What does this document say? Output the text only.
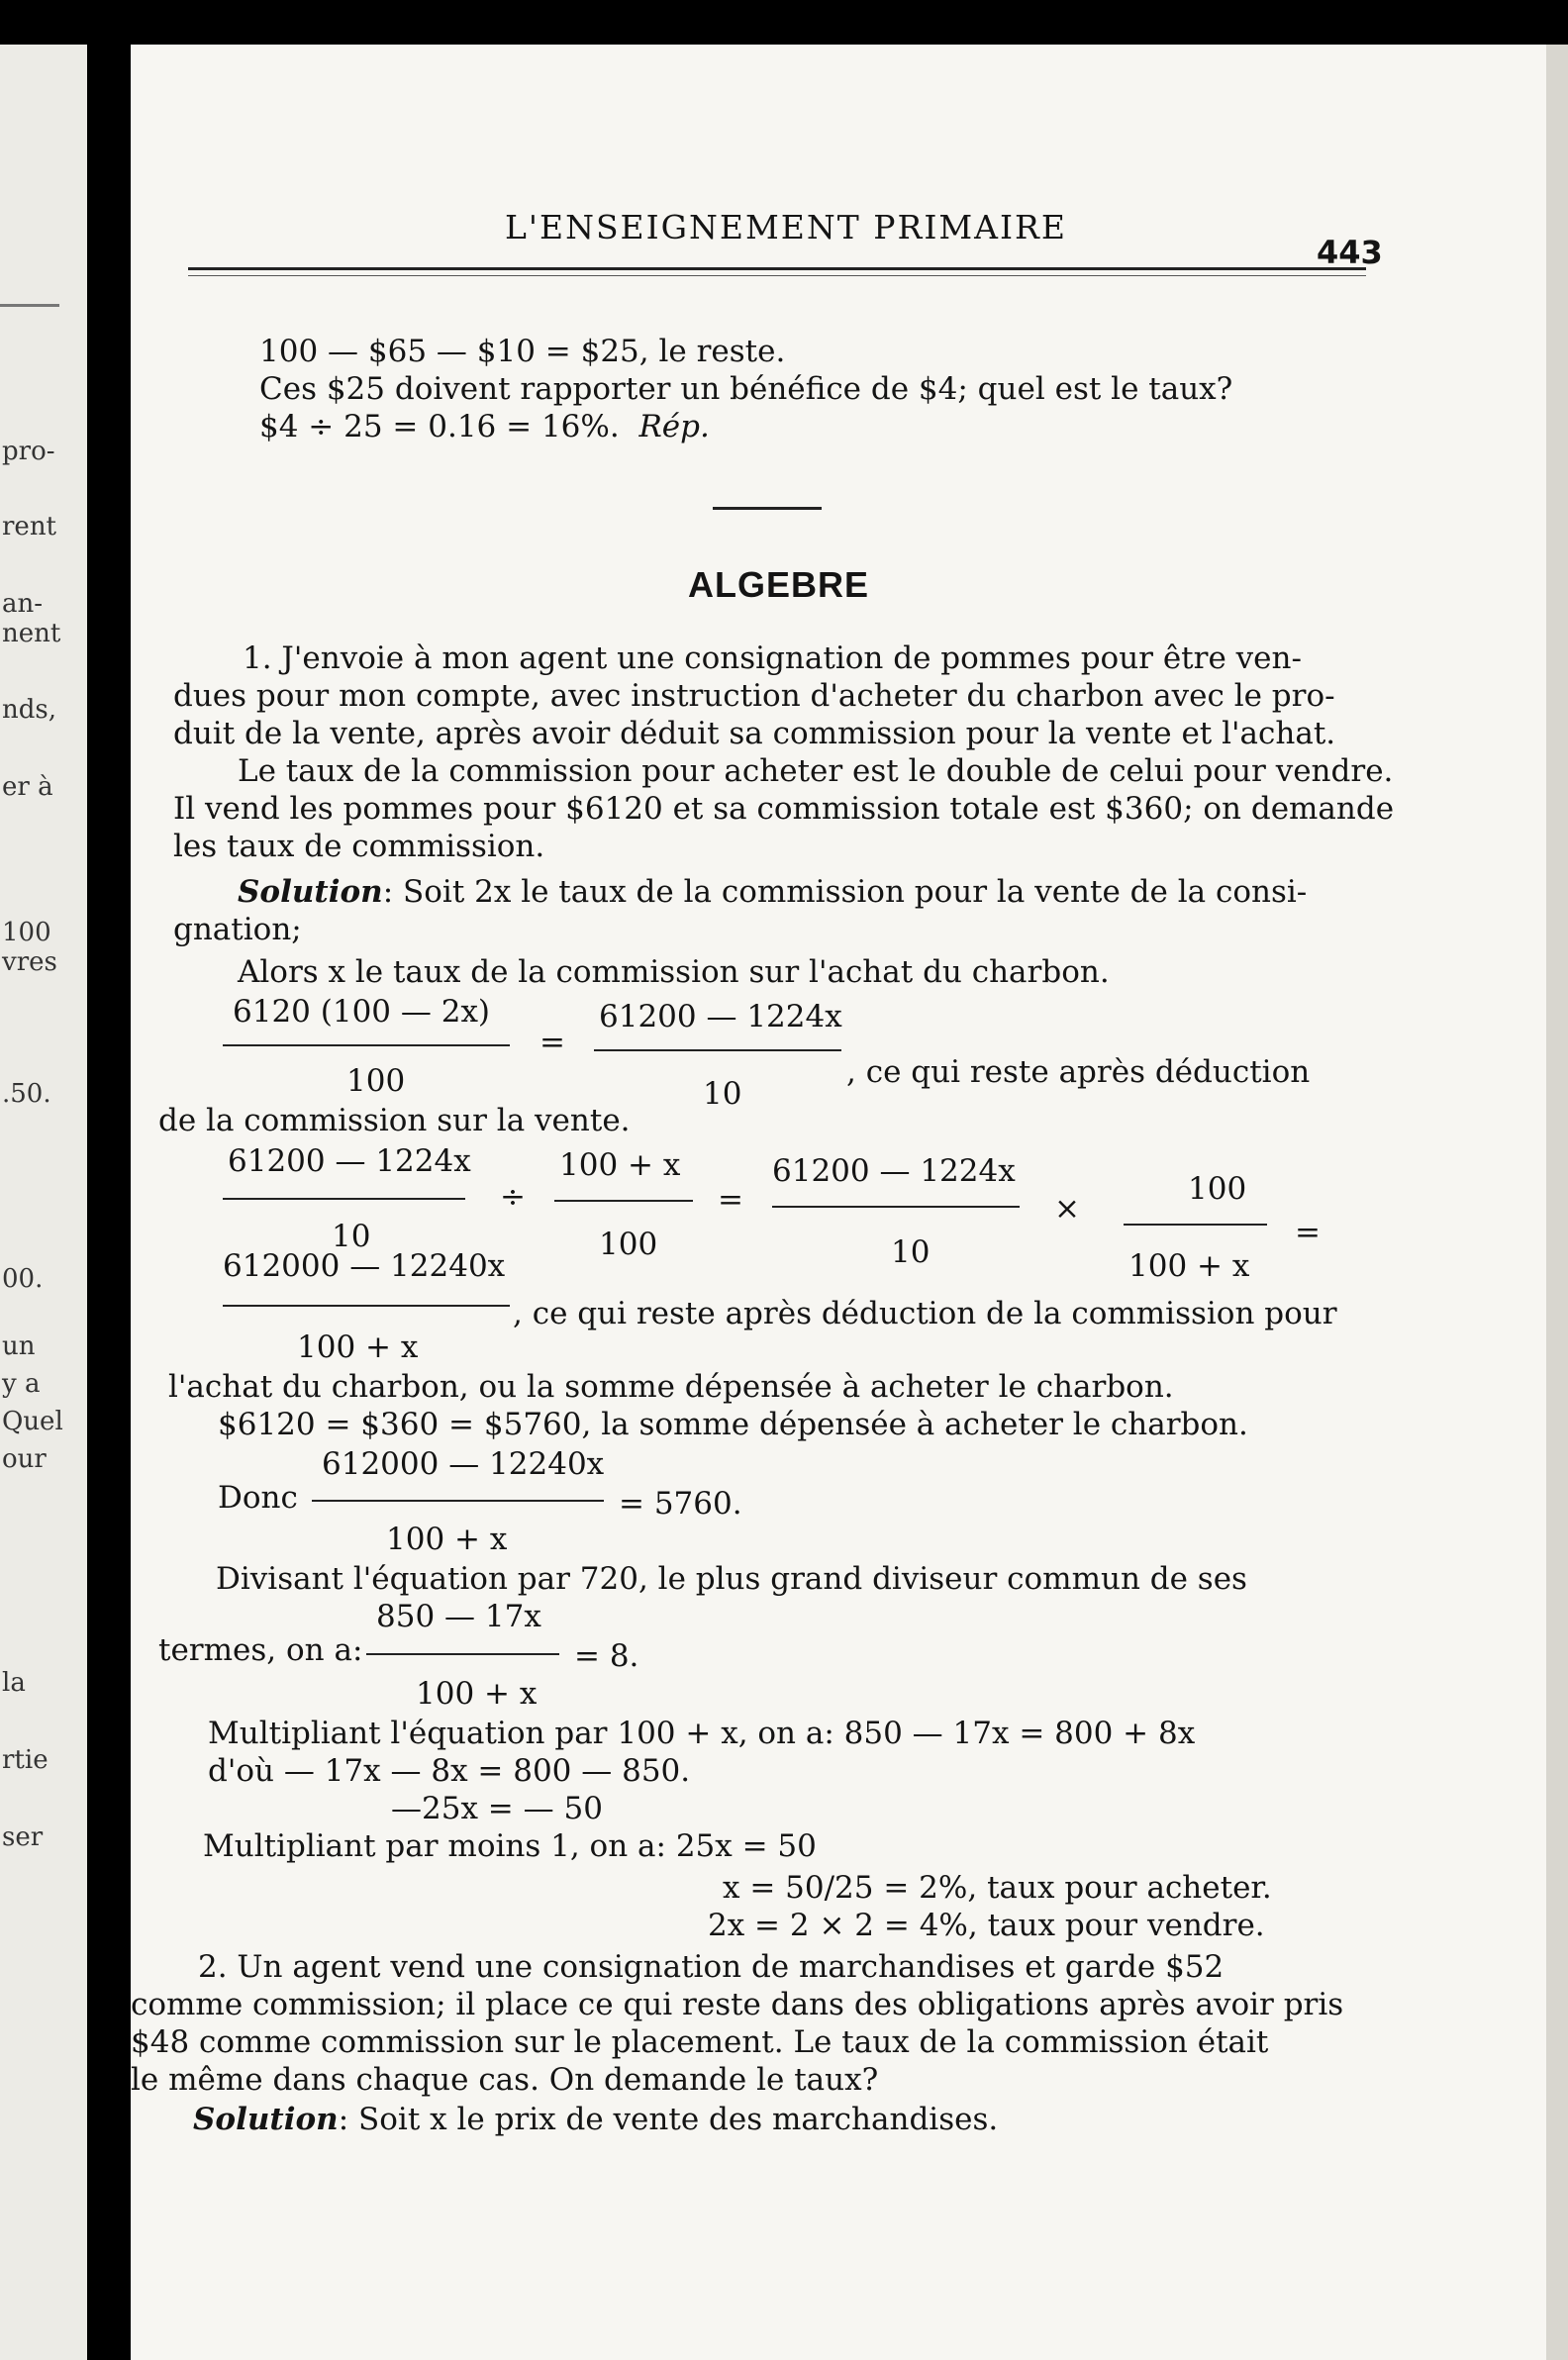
pro-
rent
an-
nent
nds,
er à
100
vres
.50.
00.
un
y a
Quel
our
la
rtie
ser
L'ENSEIGNEMENT PRIMAIRE
443
100 — $65 — $10 = $25, le reste.
Ces $25 doivent rapporter un bénéfice de $4; quel est le taux?
$4 ÷ 25 = 0.16 = 16%. Rép.
ALGEBRE
1. J'envoie à mon agent une consignation de pommes pour être ven-
dues pour mon compte, avec instruction d'acheter du charbon avec le pro-
duit de la vente, après avoir déduit sa commission pour la vente et l'achat.
Le taux de la commission pour acheter est le double de celui pour vendre.
Il vend les pommes pour $6120 et sa commission totale est $360; on demande
les taux de commission.
Solution: Soit 2x le taux de la commission pour la vente de la consi-
gnation;
Alors x le taux de la commission sur l'achat du charbon.
6120 (100 — 2x)
100
=
61200 — 1224x
10
, ce qui reste après déduction
de la commission sur la vente.
61200 — 1224x
10
÷
100 + x
100
=
61200 — 1224x
10
×
100
100 + x
=
612000 — 12240x
100 + x
, ce qui reste après déduction de la commission pour
l'achat du charbon, ou la somme dépensée à acheter le charbon.
$6120 = $360 = $5760, la somme dépensée à acheter le charbon.
612000 — 12240x
Donc
100 + x
= 5760.
Divisant l'équation par 720, le plus grand diviseur commun de ses
850 — 17x
termes, on a:
100 + x
= 8.
Multipliant l'équation par 100 + x, on a: 850 — 17x = 800 + 8x
d'où — 17x — 8x = 800 — 850.
—25x = — 50
Multipliant par moins 1, on a: 25x = 50
x = 50/25 = 2%, taux pour acheter.
2x = 2 × 2 = 4%, taux pour vendre.
2. Un agent vend une consignation de marchandises et garde $52
comme commission; il place ce qui reste dans des obligations après avoir pris
$48 comme commission sur le placement. Le taux de la commission était
le même dans chaque cas. On demande le taux?
Solution: Soit x le prix de vente des marchandises.
